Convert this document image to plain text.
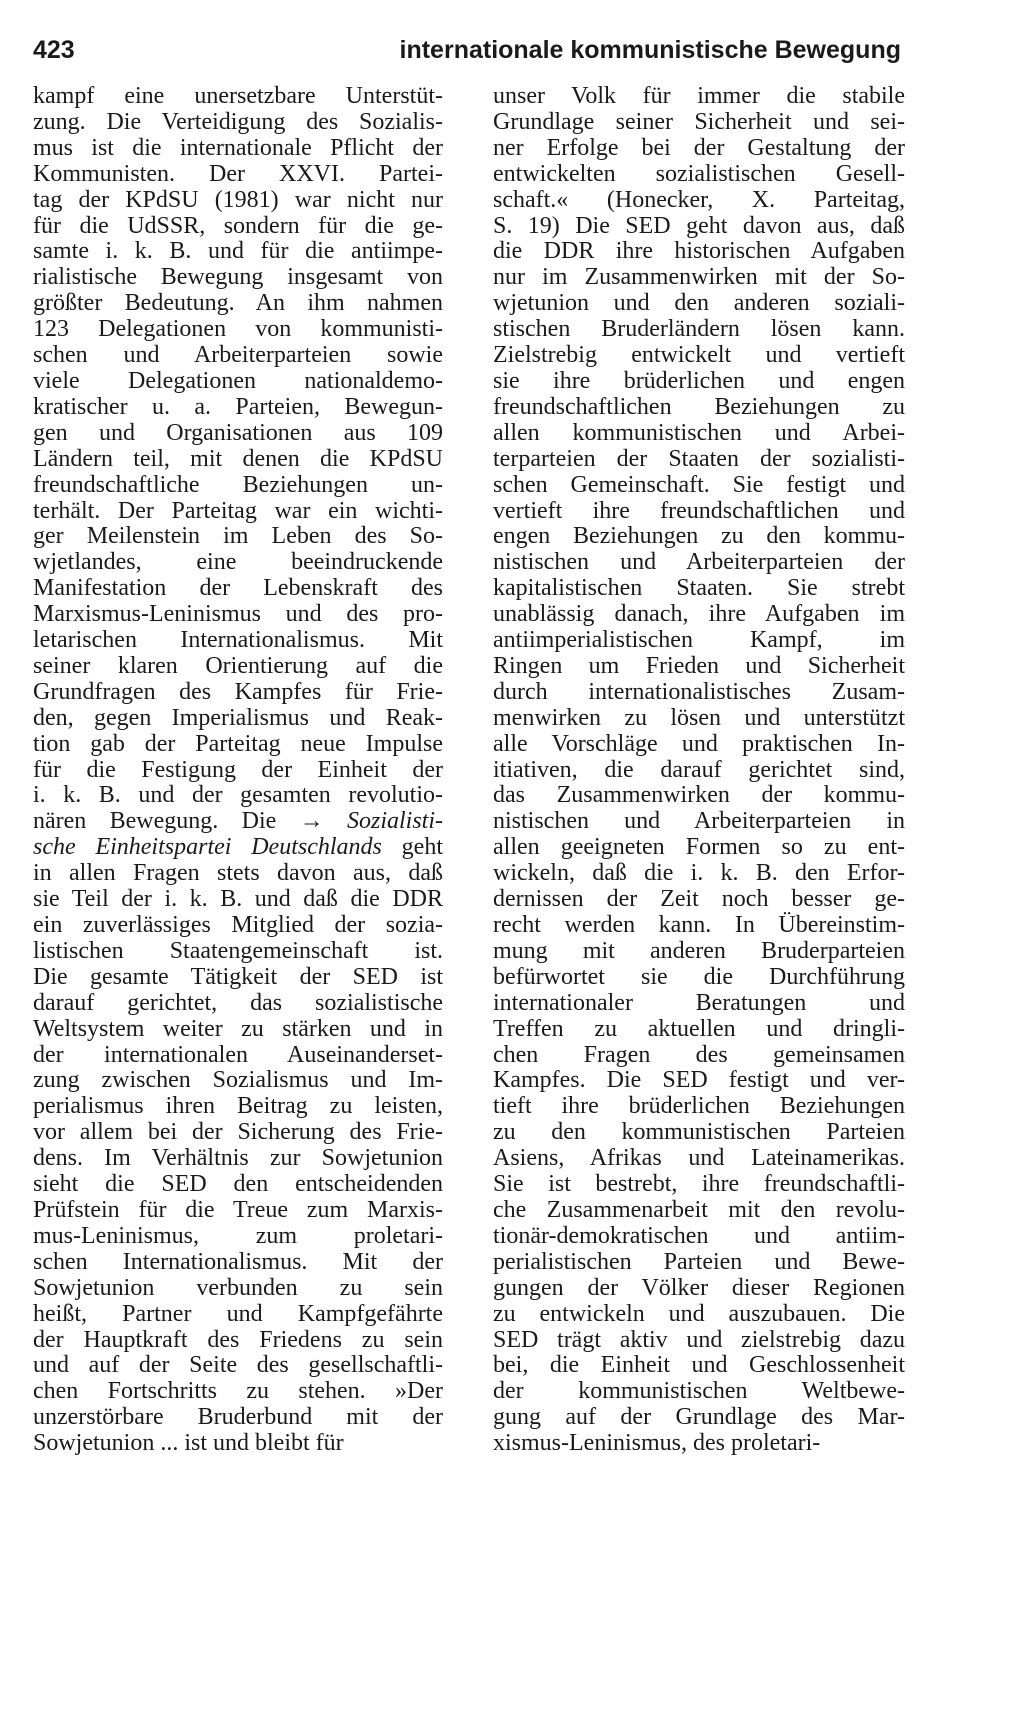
423	internationale kommunistische Bewegung
kampf eine unersetzbare Unterstüt-
zung. Die Verteidigung des Sozialis-
mus ist die internationale Pflicht der
Kommunisten. Der XXVI. Partei-
tag der KPdSU (1981) war nicht nur
für die UdSSR, sondern für die ge-
samte i. k. B. und für die antiimpe-
rialistische Bewegung insgesamt von
größter Bedeutung. An ihm nahmen
123 Delegationen von kommunisti-
schen und Arbeiterparteien sowie
viele Delegationen nationaldemo-
kratischer u. a. Parteien, Bewegun-
gen und Organisationen aus 109
Ländern teil, mit denen die KPdSU
freundschaftliche Beziehungen un-
terhält. Der Parteitag war ein wichti-
ger Meilenstein im Leben des So-
wjetlandes, eine beeindruckende
Manifestation der Lebenskraft des
Marxismus-Leninismus und des pro-
letarischen Internationalismus. Mit
seiner klaren Orientierung auf die
Grundfragen des Kampfes für Frie-
den, gegen Imperialismus und Reak-
tion gab der Parteitag neue Impulse
für die Festigung der Einheit der
i. k. B. und der gesamten revolutio-
nären Bewegung. Die → Sozialisti-
sche Einheitspartei Deutschlands geht
in allen Fragen stets davon aus, daß
sie Teil der i. k. B. und daß die DDR
ein zuverlässiges Mitglied der sozia-
listischen Staatengemeinschaft ist.
Die gesamte Tätigkeit der SED ist
darauf gerichtet, das sozialistische
Weltsystem weiter zu stärken und in
der internationalen Auseinanderset-
zung zwischen Sozialismus und Im-
perialismus ihren Beitrag zu leisten,
vor allem bei der Sicherung des Frie-
dens. Im Verhältnis zur Sowjetunion
sieht die SED den entscheidenden
Prüfstein für die Treue zum Marxis-
mus-Leninismus, zum proletari-
schen Internationalismus. Mit der
Sowjetunion verbunden zu sein
heißt, Partner und Kampfgefährte
der Hauptkraft des Friedens zu sein
und auf der Seite des gesellschaftli-
chen Fortschritts zu stehen. »Der
unzerstörbare Bruderbund mit der
Sowjetunion ... ist und bleibt für
unser Volk für immer die stabile
Grundlage seiner Sicherheit und sei-
ner Erfolge bei der Gestaltung der
entwickelten sozialistischen Gesell-
schaft.« (Honecker, X. Parteitag,
S. 19) Die SED geht davon aus, daß
die DDR ihre historischen Aufgaben
nur im Zusammenwirken mit der So-
wjetunion und den anderen soziali-
stischen Bruderländern lösen kann.
Zielstrebig entwickelt und vertieft
sie ihre brüderlichen und engen
freundschaftlichen Beziehungen zu
allen kommunistischen und Arbei-
terparteien der Staaten der sozialisti-
schen Gemeinschaft. Sie festigt und
vertieft ihre freundschaftlichen und
engen Beziehungen zu den kommu-
nistischen und Arbeiterparteien der
kapitalistischen Staaten. Sie strebt
unablässig danach, ihre Aufgaben im
antiimperialistischen Kampf, im
Ringen um Frieden und Sicherheit
durch internationalistisches Zusam-
menwirken zu lösen und unterstützt
alle Vorschläge und praktischen In-
itiativen, die darauf gerichtet sind,
das Zusammenwirken der kommu-
nistischen und Arbeiterparteien in
allen geeigneten Formen so zu ent-
wickeln, daß die i. k. B. den Erfor-
dernissen der Zeit noch besser ge-
recht werden kann. In Übereinstim-
mung mit anderen Bruderparteien
befürwortet sie die Durchführung
internationaler Beratungen und
Treffen zu aktuellen und dringli-
chen Fragen des gemeinsamen
Kampfes. Die SED festigt und ver-
tieft ihre brüderlichen Beziehungen
zu den kommunistischen Parteien
Asiens, Afrikas und Lateinamerikas.
Sie ist bestrebt, ihre freundschaftli-
che Zusammenarbeit mit den revolu-
tionär-demokratischen und antiim-
perialistischen Parteien und Bewe-
gungen der Völker dieser Regionen
zu entwickeln und auszubauen. Die
SED trägt aktiv und zielstrebig dazu
bei, die Einheit und Geschlossenheit
der kommunistischen Weltbewe-
gung auf der Grundlage des Mar-
xismus-Leninismus, des proletari-
